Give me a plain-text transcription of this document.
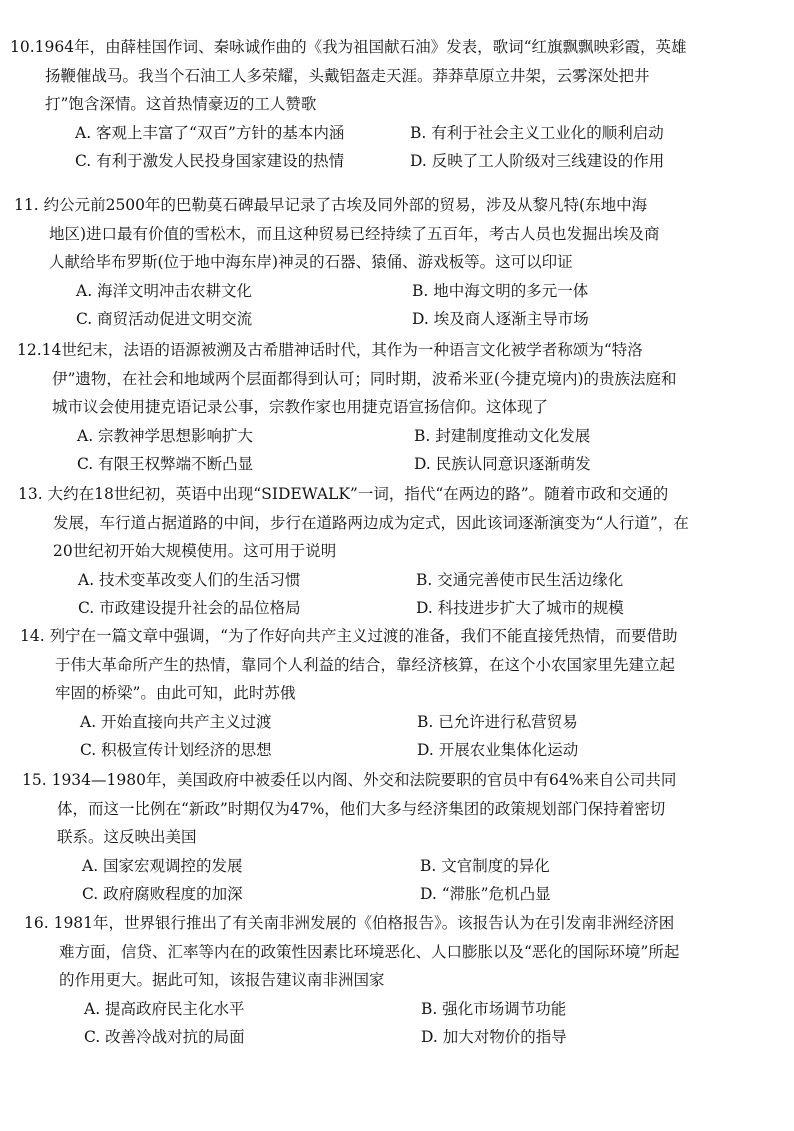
10.1964年，由薛桂国作词、秦咏诚作曲的《我为祖国献石油》发表，歌词“红旗飘飘映彩霞，英雄
扬鞭催战马。我当个石油工人多荣耀，头戴铝盔走天涯。莽莽草原立井架，云雾深处把井
打”饱含深情。这首热情豪迈的工人赞歌
A. 客观上丰富了“双百”方针的基本内涵	B. 有利于社会主义工业化的顺利启动
C. 有利于激发人民投身国家建设的热情	D. 反映了工人阶级对三线建设的作用
11. 约公元前2500年的巴勒莫石碑最早记录了古埃及同外部的贸易，涉及从黎凡特(东地中海
地区)进口最有价值的雪松木，而且这种贸易已经持续了五百年，考古人员也发掘出埃及商
人献给毕布罗斯(位于地中海东岸)神灵的石器、猿俑、游戏板等。这可以印证
A. 海洋文明冲击农耕文化	B. 地中海文明的多元一体
C. 商贸活动促进文明交流	D. 埃及商人逐渐主导市场
12.14世纪末，法语的语源被溯及古希腊神话时代，其作为一种语言文化被学者称颂为“特洛
伊”遗物，在社会和地域两个层面都得到认可；同时期，波希米亚(今捷克境内)的贵族法庭和
城市议会使用捷克语记录公事，宗教作家也用捷克语宣扬信仰。这体现了
A. 宗教神学思想影响扩大	B. 封建制度推动文化发展
C. 有限王权弊端不断凸显	D. 民族认同意识逐渐萌发
13. 大约在18世纪初，英语中出现“SIDEWALK”一词，指代“在两边的路”。随着市政和交通的
发展，车行道占据道路的中间，步行在道路两边成为定式，因此该词逐渐演变为“人行道”，在
20世纪初开始大规模使用。这可用于说明
A. 技术变革改变人们的生活习惯	B. 交通完善使市民生活边缘化
C. 市政建设提升社会的品位格局	D. 科技进步扩大了城市的规模
14. 列宁在一篇文章中强调，“为了作好向共产主义过渡的准备，我们不能直接凭热情，而要借助
于伟大革命所产生的热情，靠同个人利益的结合，靠经济核算，在这个小农国家里先建立起
牢固的桥梁”。由此可知，此时苏俄
A. 开始直接向共产主义过渡	B. 已允许进行私营贸易
C. 积极宣传计划经济的思想	D. 开展农业集体化运动
15. 1934—1980年，美国政府中被委任以内阁、外交和法院要职的官员中有64%来自公司共同
体，而这一比例在“新政”时期仅为47%，他们大多与经济集团的政策规划部门保持着密切
联系。这反映出美国
A. 国家宏观调控的发展	B. 文官制度的异化
C. 政府腐败程度的加深	D. “滞胀”危机凸显
16. 1981年，世界银行推出了有关南非洲发展的《伯格报告》。该报告认为在引发南非洲经济困
难方面，信贷、汇率等内在的政策性因素比环境恶化、人口膨胀以及“恶化的国际环境”所起
的作用更大。据此可知，该报告建议南非洲国家
A. 提高政府民主化水平	B. 强化市场调节功能
C. 改善冷战对抗的局面	D. 加大对物价的指导
